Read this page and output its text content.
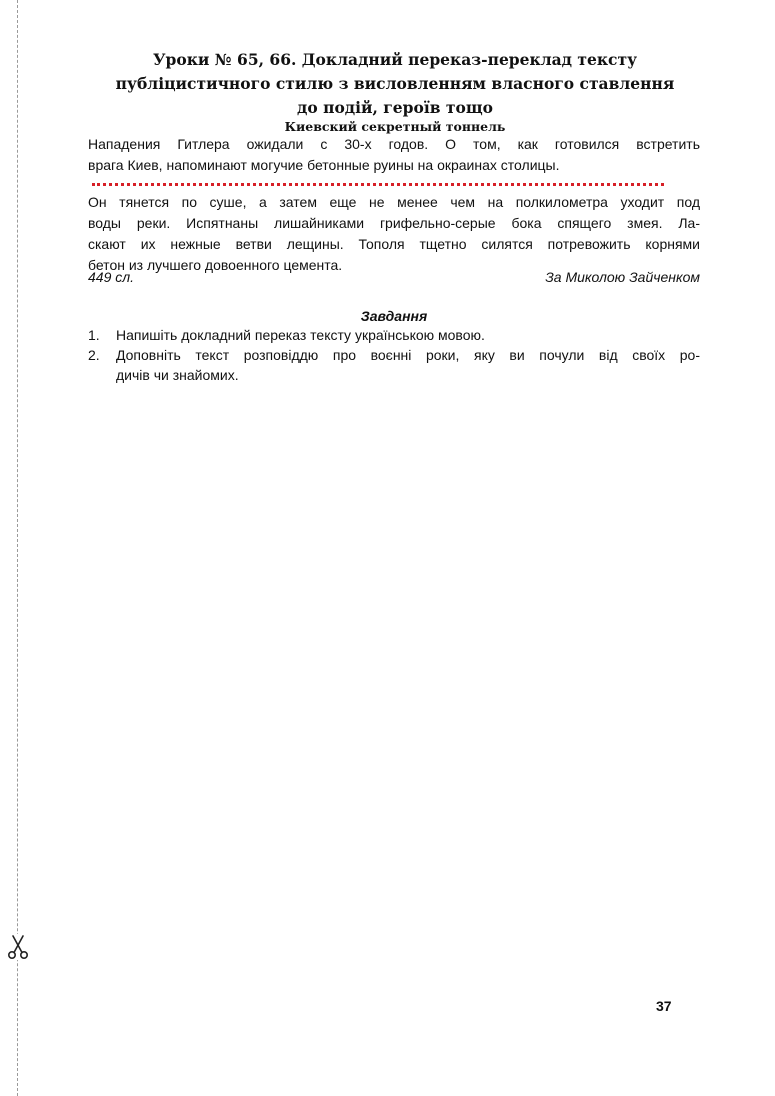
Уроки № 65, 66. Докладний переказ-переклад тексту
публіцистичного стилю з висловленням власного ставлення
до подій, героїв тощо
Киевский секретный тоннель

Нападения Гитлера ожидали с 30-х годов. О том, как готовился встретить
врага Киев, напоминают могучие бетонные руины на окраинах столицы.

Он тянется по суше, а затем еще не менее чем на полкилометра уходит под
воды реки. Испятнаны лишайниками грифельно-серые бока спящего змея. Ла-
скают их нежные ветви лещины. Тополя тщетно силятся потревожить корнями
бетон из лучшего довоенного цемента.

449 сл.	За Миколою Зайченком
Завдання
1. Напишіть докладний переказ тексту українською мовою.
2. Доповніть текст розповіддю про воєнні роки, яку ви почули від своїх ро-
дичів чи знайомих.
37
